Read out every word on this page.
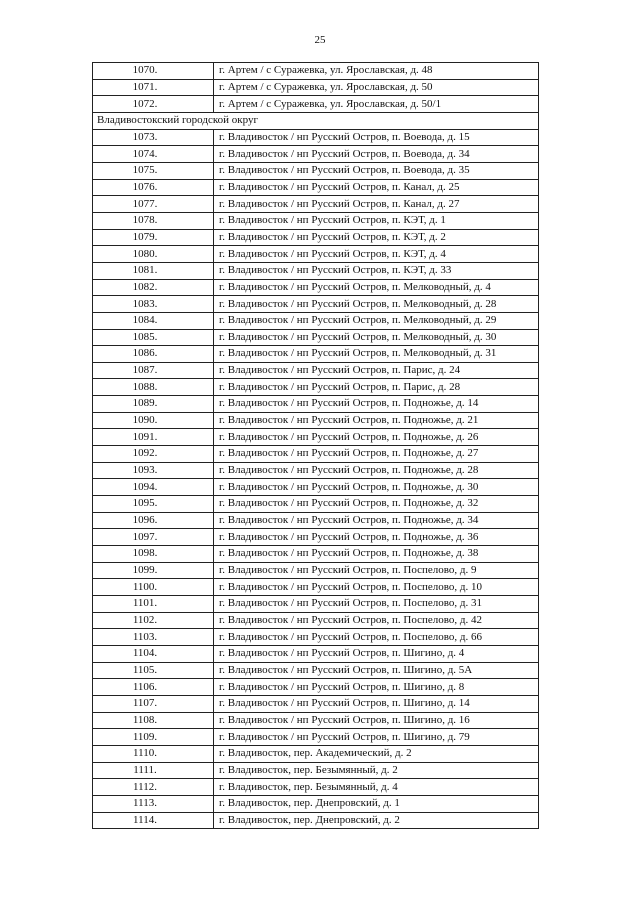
25
1070.	г. Артем / с Суражевка, ул. Ярославская, д. 48
1071.	г. Артем / с Суражевка, ул. Ярославская, д. 50
1072.	г. Артем / с Суражевка, ул. Ярославская, д. 50/1
Владивостокский городской округ	
1073.	г. Владивосток / нп Русский Остров, п. Воевода, д. 15
1074.	г. Владивосток / нп Русский Остров, п. Воевода, д. 34
1075.	г. Владивосток / нп Русский Остров, п. Воевода, д. 35
1076.	г. Владивосток / нп Русский Остров, п. Канал, д. 25
1077.	г. Владивосток / нп Русский Остров, п. Канал, д. 27
1078.	г. Владивосток / нп Русский Остров, п. КЭТ, д. 1
1079.	г. Владивосток / нп Русский Остров, п. КЭТ, д. 2
1080.	г. Владивосток / нп Русский Остров, п. КЭТ, д. 4
1081.	г. Владивосток / нп Русский Остров, п. КЭТ, д. 33
1082.	г. Владивосток / нп Русский Остров, п. Мелководный, д. 4
1083.	г. Владивосток / нп Русский Остров, п. Мелководный, д. 28
1084.	г. Владивосток / нп Русский Остров, п. Мелководный, д. 29
1085.	г. Владивосток / нп Русский Остров, п. Мелководный, д. 30
1086.	г. Владивосток / нп Русский Остров, п. Мелководный, д. 31
1087.	г. Владивосток / нп Русский Остров, п. Парис, д. 24
1088.	г. Владивосток / нп Русский Остров, п. Парис, д. 28
1089.	г. Владивосток / нп Русский Остров, п. Подножье, д. 14
1090.	г. Владивосток / нп Русский Остров, п. Подножье, д. 21
1091.	г. Владивосток / нп Русский Остров, п. Подножье, д. 26
1092.	г. Владивосток / нп Русский Остров, п. Подножье, д. 27
1093.	г. Владивосток / нп Русский Остров, п. Подножье, д. 28
1094.	г. Владивосток / нп Русский Остров, п. Подножье, д. 30
1095.	г. Владивосток / нп Русский Остров, п. Подножье, д. 32
1096.	г. Владивосток / нп Русский Остров, п. Подножье, д. 34
1097.	г. Владивосток / нп Русский Остров, п. Подножье, д. 36
1098.	г. Владивосток / нп Русский Остров, п. Подножье, д. 38
1099.	г. Владивосток / нп Русский Остров, п. Поспелово, д. 9
1100.	г. Владивосток / нп Русский Остров, п. Поспелово, д. 10
1101.	г. Владивосток / нп Русский Остров, п. Поспелово, д. 31
1102.	г. Владивосток / нп Русский Остров, п. Поспелово, д. 42
1103.	г. Владивосток / нп Русский Остров, п. Поспелово, д. 66
1104.	г. Владивосток / нп Русский Остров, п. Шигино, д. 4
1105.	г. Владивосток / нп Русский Остров, п. Шигино, д. 5А
1106.	г. Владивосток / нп Русский Остров, п. Шигино, д. 8
1107.	г. Владивосток / нп Русский Остров, п. Шигино, д. 14
1108.	г. Владивосток / нп Русский Остров, п. Шигино, д. 16
1109.	г. Владивосток / нп Русский Остров, п. Шигино, д. 79
1110.	г. Владивосток, пер. Академический, д. 2
1111.	г. Владивосток, пер. Безымянный, д. 2
1112.	г. Владивосток, пер. Безымянный, д. 4
1113.	г. Владивосток, пер. Днепровский, д. 1
1114.	г. Владивосток, пер. Днепровский, д. 2
